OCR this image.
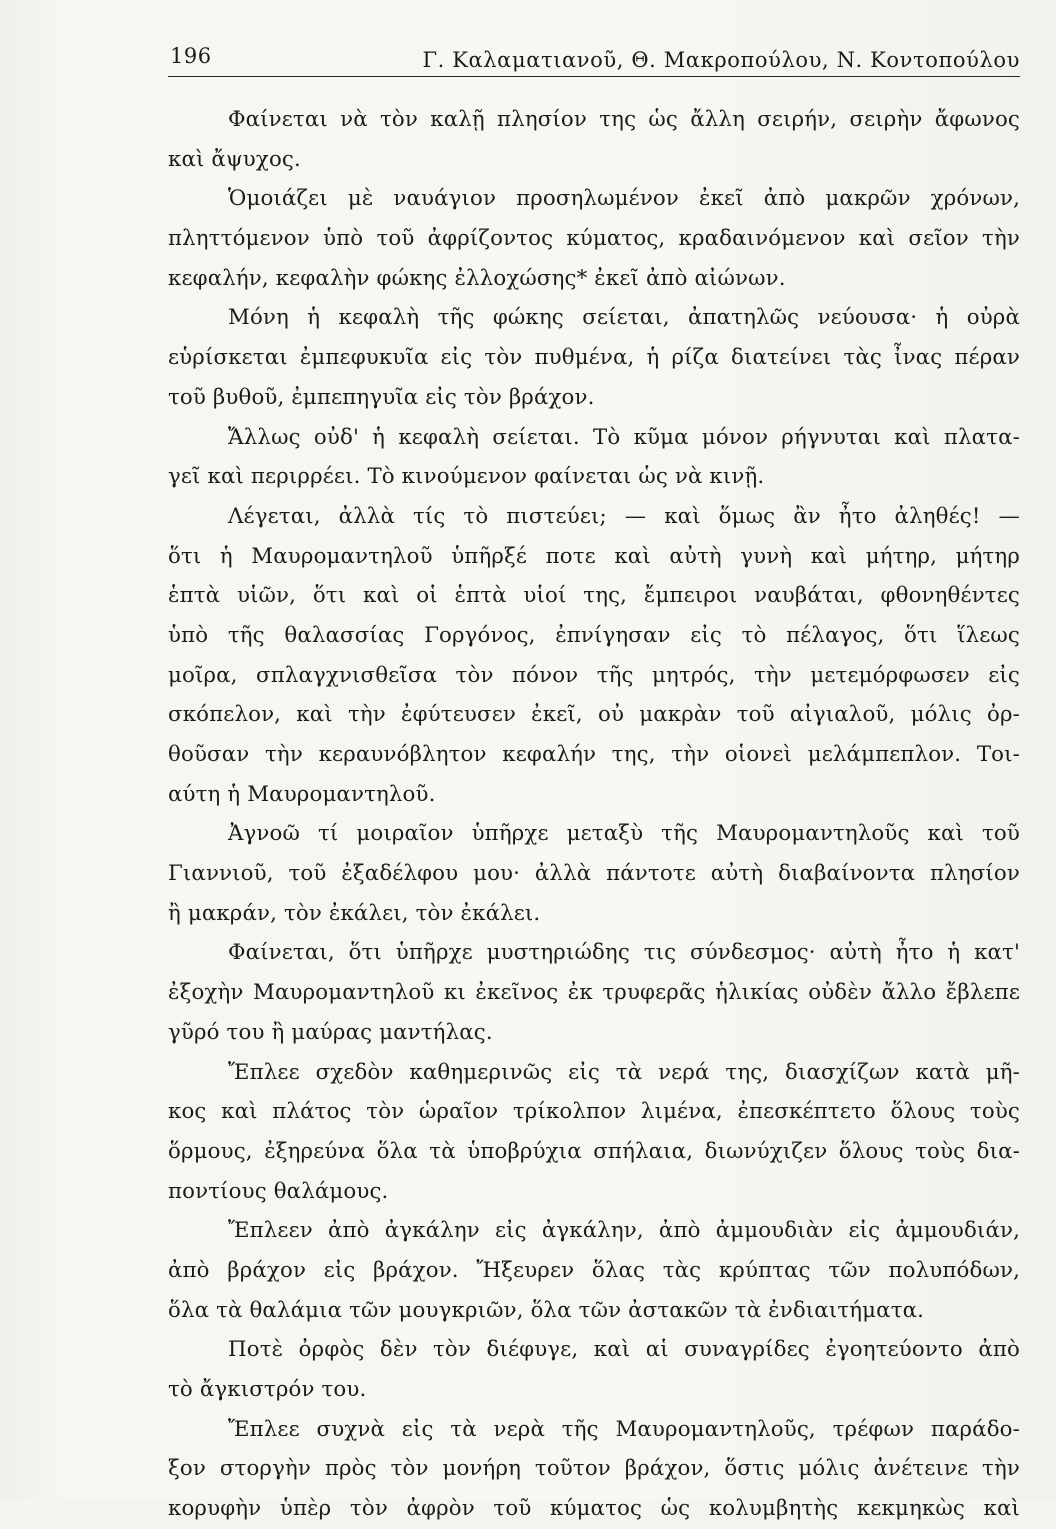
196	Γ. Καλαματιανοῦ, Θ. Μακροπούλου, Ν. Κοντοπούλου
Φαίνεται νὰ τὸν καλῇ πλησίον της ὡς ἄλλη σειρήν, σειρὴν ἄφωνος
καὶ ἄψυχος.
Ὁμοιάζει μὲ ναυάγιον προσηλωμένον ἐκεῖ ἀπὸ μακρῶν χρόνων,
πληττόμενον ὑπὸ τοῦ ἀφρίζοντος κύματος, κραδαινόμενον καὶ σεῖον τὴν
κεφαλήν, κεφαλὴν φώκης ἐλλοχώσης* ἐκεῖ ἀπὸ αἰώνων.
Μόνη ἡ κεφαλὴ τῆς φώκης σείεται, ἀπατηλῶς νεύουσα· ἡ οὐρὰ
εὑρίσκεται ἐμπεφυκυῖα εἰς τὸν πυθμένα, ἡ ρίζα διατείνει τὰς ἶνας πέραν
τοῦ βυθοῦ, ἐμπεπηγυῖα εἰς τὸν βράχον.
Ἄλλως οὐδ' ἡ κεφαλὴ σείεται. Τὸ κῦμα μόνον ρήγνυται καὶ πλατα-
γεῖ καὶ περιρρέει. Τὸ κινούμενον φαίνεται ὡς νὰ κινῇ.
Λέγεται, ἀλλὰ τίς τὸ πιστεύει; — καὶ ὅμως ἂν ἦτο ἀληθές! —
ὅτι ἡ Μαυρομαντηλοῦ ὑπῆρξέ ποτε καὶ αὐτὴ γυνὴ καὶ μήτηρ, μήτηρ
ἑπτὰ υἱῶν, ὅτι καὶ οἱ ἑπτὰ υἱοί της, ἔμπειροι ναυβάται, φθονηθέντες
ὑπὸ τῆς θαλασσίας Γοργόνος, ἐπνίγησαν εἰς τὸ πέλαγος, ὅτι ἵλεως
μοῖρα, σπλαγχνισθεῖσα τὸν πόνον τῆς μητρός, τὴν μετεμόρφωσεν εἰς
σκόπελον, καὶ τὴν ἐφύτευσεν ἐκεῖ, οὐ μακρὰν τοῦ αἰγιαλοῦ, μόλις ὀρ-
θοῦσαν τὴν κεραυνόβλητον κεφαλήν της, τὴν οἱονεὶ μελάμπεπλον. Τοι-
αύτη ἡ Μαυρομαντηλοῦ.
Ἀγνοῶ τί μοιραῖον ὑπῆρχε μεταξὺ τῆς Μαυρομαντηλοῦς καὶ τοῦ
Γιαννιοῦ, τοῦ ἐξαδέλφου μου· ἀλλὰ πάντοτε αὐτὴ διαβαίνοντα πλησίον
ἢ μακράν, τὸν ἐκάλει, τὸν ἐκάλει.
Φαίνεται, ὅτι ὑπῆρχε μυστηριώδης τις σύνδεσμος· αὐτὴ ἦτο ἡ κατ'
ἐξοχὴν Μαυρομαντηλοῦ κι ἐκεῖνος ἐκ τρυφερᾶς ἡλικίας οὐδὲν ἄλλο ἔβλεπε
γῦρό του ἢ μαύρας μαντήλας.
Ἔπλεε σχεδὸν καθημερινῶς εἰς τὰ νερά της, διασχίζων κατὰ μῆ-
κος καὶ πλάτος τὸν ὡραῖον τρίκολπον λιμένα, ἐπεσκέπτετο ὅλους τοὺς
ὅρμους, ἐξηρεύνα ὅλα τὰ ὑποβρύχια σπήλαια, διωνύχιζεν ὅλους τοὺς δια-
ποντίους θαλάμους.
Ἔπλεεν ἀπὸ ἀγκάλην εἰς ἀγκάλην, ἀπὸ ἀμμουδιὰν εἰς ἀμμουδιάν,
ἀπὸ βράχον εἰς βράχον. Ἤξευρεν ὅλας τὰς κρύπτας τῶν πολυπόδων,
ὅλα τὰ θαλάμια τῶν μουγκριῶν, ὅλα τῶν ἀστακῶν τὰ ἐνδιαιτήματα.
Ποτὲ ὀρφὸς δὲν τὸν διέφυγε, καὶ αἱ συναγρίδες ἐγοητεύοντο ἀπὸ
τὸ ἄγκιστρόν του.
Ἔπλεε συχνὰ εἰς τὰ νερὰ τῆς Μαυρομαντηλοῦς, τρέφων παράδο-
ξον στοργὴν πρὸς τὸν μονήρη τοῦτον βράχον, ὅστις μόλις ἀνέτεινε τὴν
κορυφὴν ὑπὲρ τὸν ἀφρὸν τοῦ κύματος ὡς κολυμβητὴς κεκμηκὼς καὶ
